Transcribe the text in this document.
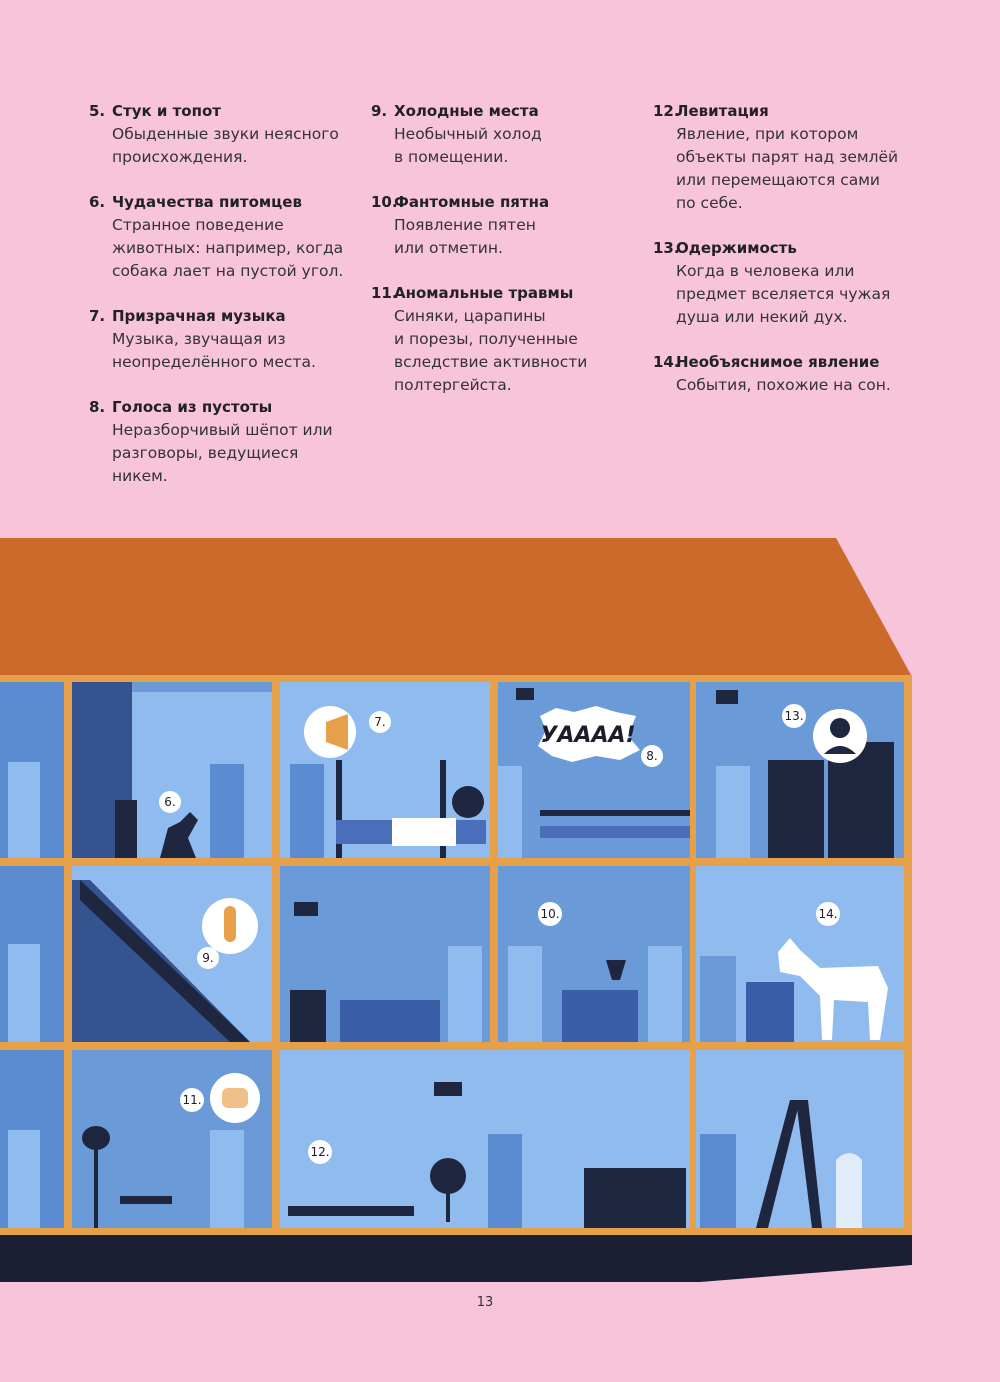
5. Стук и топот
Обыденные звуки неясного
происхождения.
6. Чудачества питомцев
Странное поведение
животных: например, когда
собака лает на пустой угол.
7. Призрачная музыка
Музыка, звучащая из
неопределённого места.
8. Голоса из пустоты
Неразборчивый шёпот или
разговоры, ведущиеся
никем.
9. Холодные места
Необычный холод
в помещении.
10.
Фантомные пятна
Появление пятен
или отметин.
11.
Аномальные травмы
Синяки, царапины
и порезы, полученные
вследствие активности
полтергейста.
12.
Левитация
Явление, при котором
объекты парят над землёй
или перемещаются сами
по себе.
13.
Одержимость
Когда в человека или
предмет вселяется чужая
душа или некий дух.
14.
Необъяснимое явление
События, похожие на сон.
УАААА!
6.
7.
8.
13.
9.
10.	14.
11.
12.
13
